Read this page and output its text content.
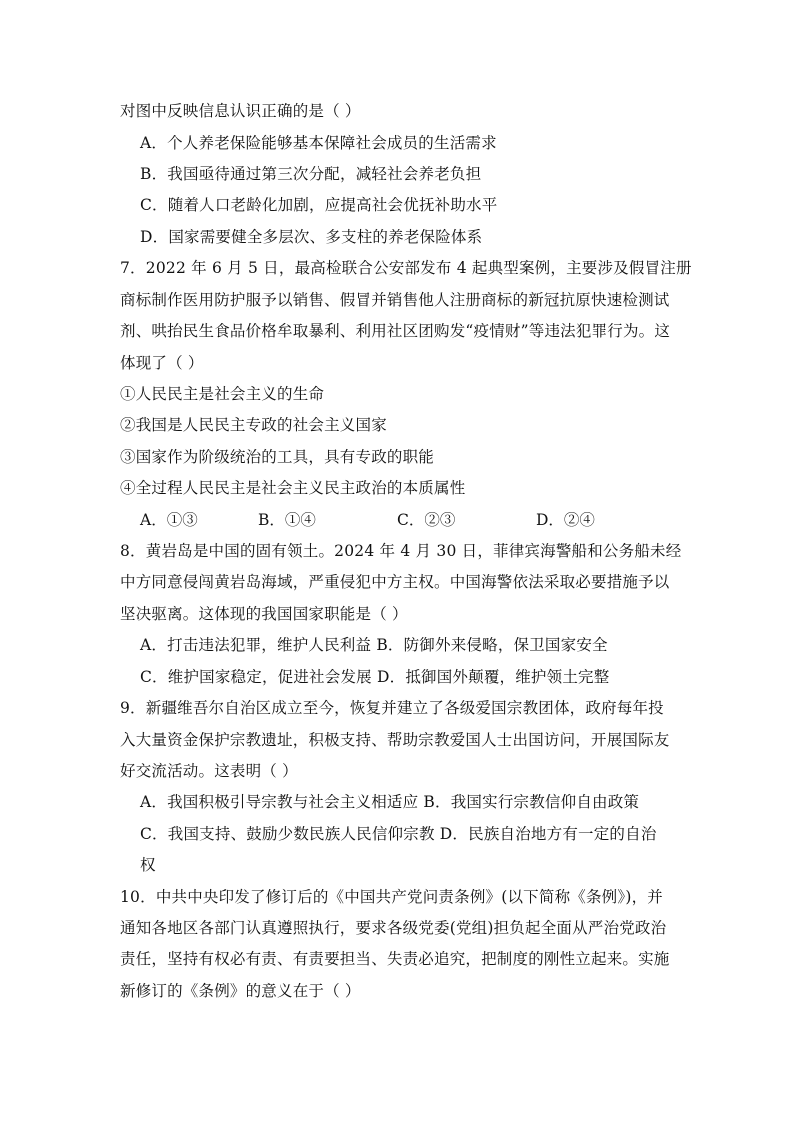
对图中反映信息认识正确的是（ ）
A．个人养老保险能够基本保障社会成员的生活需求
B．我国亟待通过第三次分配，减轻社会养老负担
C．随着人口老龄化加剧，应提高社会优抚补助水平
D．国家需要健全多层次、多支柱的养老保险体系
7．2022 年 6 月 5 日，最高检联合公安部发布 4 起典型案例，主要涉及假冒注册
商标制作医用防护服予以销售、假冒并销售他人注册商标的新冠抗原快速检测试
剂、哄抬民生食品价格牟取暴利、利用社区团购发“疫情财”等违法犯罪行为。这
体现了（ ）
①人民民主是社会主义的生命
②我国是人民民主专政的社会主义国家
③国家作为阶级统治的工具，具有专政的职能
④全过程人民民主是社会主义民主政治的本质属性
A．①③	B．①④	C．②③	D．②④
8．黄岩岛是中国的固有领土。2024 年 4 月 30 日，菲律宾海警船和公务船未经
中方同意侵闯黄岩岛海域，严重侵犯中方主权。中国海警依法采取必要措施予以
坚决驱离。这体现的我国国家职能是（ ）
A．打击违法犯罪，维护人民利益 B．防御外来侵略，保卫国家安全
C．维护国家稳定，促进社会发展 D．抵御国外颠覆，维护领土完整
9．新疆维吾尔自治区成立至今，恢复并建立了各级爱国宗教团体，政府每年投
入大量资金保护宗教遗址，积极支持、帮助宗教爱国人士出国访问，开展国际友
好交流活动。这表明（ ）
A．我国积极引导宗教与社会主义相适应 B．我国实行宗教信仰自由政策
C．我国支持、鼓励少数民族人民信仰宗教 D．民族自治地方有一定的自治
权
10．中共中央印发了修订后的《中国共产党问责条例》(以下简称《条例》)，并
通知各地区各部门认真遵照执行，要求各级党委(党组)担负起全面从严治党政治
责任，坚持有权必有责、有责要担当、失责必追究，把制度的刚性立起来。实施
新修订的《条例》的意义在于（ ）
